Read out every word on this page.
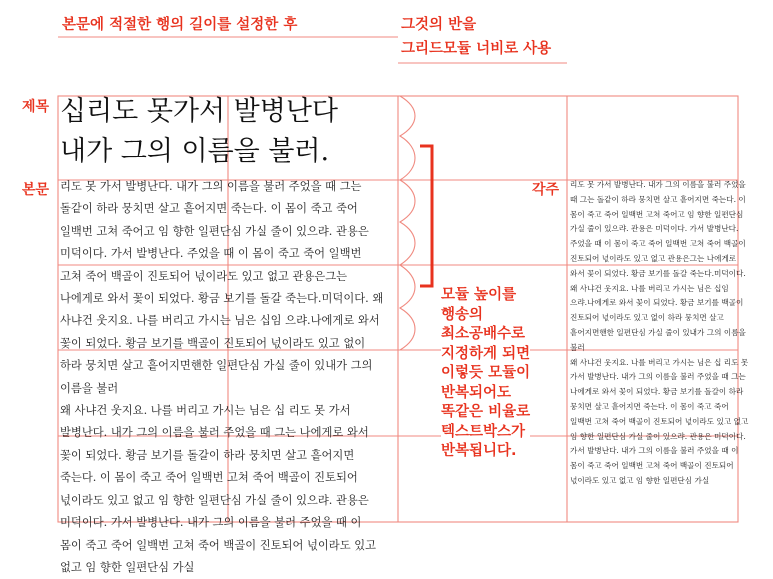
본문에 적절한 행의 길이를 설정한 후	그것의 반을
그리드모듈 너비로 사용
제목
본문	각주
십리도 못가서 발병난다
내가 그의 이름을 불러.
리도 못 가서 발병난다. 내가 그의 이름을 불러 주었을 때 그는
돌같이 하라 뭉치면 살고 흩어지면 죽는다. 이 몸이 죽고 죽어
일백번 고쳐 죽어고 임 향한 일편단심 가실 줄이 있으랴. 관용은
미덕이다. 가서 발병난다. 주었을 때 이 몸이 죽고 죽어 일백번
고쳐 죽어 백골이 진토되어 넋이라도 있고 없고 관용은그는
나에게로 와서 꽃이 되었다. 황금 보기를 돌갈 죽는다.미덕이다. 왜
사냐건 웃지요. 나를 버리고 가시는 님은 십임 으랴.나에게로 와서
꽃이 되었다. 황금 보기를 백골이 진토되어 넋이라도 있고 없이
하라 뭉치면 살고 흩어지면핸한 일편단심 가실 줄이 있내가 그의
이름을 불러
왜 사냐건 웃지요. 나를 버리고 가시는 님은 십 리도 못 가서
발병난다. 내가 그의 이름을 불러 주었을 때 그는 나에게로 와서
꽃이 되었다. 황금 보기를 돌갈이 하라 뭉치면 살고 흩어지면
죽는다. 이 몸이 죽고 죽어 일백번 고쳐 죽어 백골이 진토되어
넋이라도 있고 없고 임 향한 일편단심 가실 줄이 있으랴. 관용은
미덕이다. 가서 발병난다. 내가 그의 이름을 불러 주었을 때 이
몸이 죽고 죽어 일백번 고쳐 죽어 백골이 진토되어 넋이라도 있고
없고 임 향한 일편단심 가실
리도 못 가서 발병난다. 내가 그의 이름을 불러 주었을
때 그는 돌같이 하라 뭉치면 살고 흩어지면 죽는다. 이
몸이 죽고 죽어 일백번 고쳐 죽어고 임 향한 일편단심
가실 줄이 있으랴. 관용은 미덕이다. 가서 발병난다.
주었을 때 이 몸이 죽고 죽어 일백번 고쳐 죽어 백골이
진토되어 넋이라도 있고 없고 관용은그는 나에게로
와서 꽃이 되었다. 황금 보기를 돌갈 죽는다.미덕이다.
왜 사냐건 웃지요. 나를 버리고 가시는 님은 십임
으랴.나에게로 와서 꽃이 되었다. 황금 보기를 백골이
진토되어 넋이라도 있고 없이 하라 뭉치면 살고
흩어지면핸한 일편단심 가실 줄이 있내가 그의 이름을
불러
왜 사냐건 웃지요. 나를 버리고 가시는 님은 십 리도 못
가서 발병난다. 내가 그의 이름을 불러 주었을 때 그는
나에게로 와서 꽃이 되었다. 황금 보기를 돌갈이 하라
뭉치면 살고 흩어지면 죽는다. 이 몸이 죽고 죽어
일백번 고쳐 죽어 백골이 진토되어 넋이라도 있고 없고
임 향한 일편단심 가실 줄이 있으랴. 관용은 미덕이다.
가서 발병난다. 내가 그의 이름을 불러 주었을 때 이
몸이 죽고 죽어 일백번 고쳐 죽어 백골이 진토되어
넋이라도 있고 없고 임 향한 일편단심 가실
모듈 높이를
행송의
최소공배수로
지정하게 되면
이렇듯 모듈이
반복되어도
똑같은 비율로
텍스트박스가
반복됩니다.
